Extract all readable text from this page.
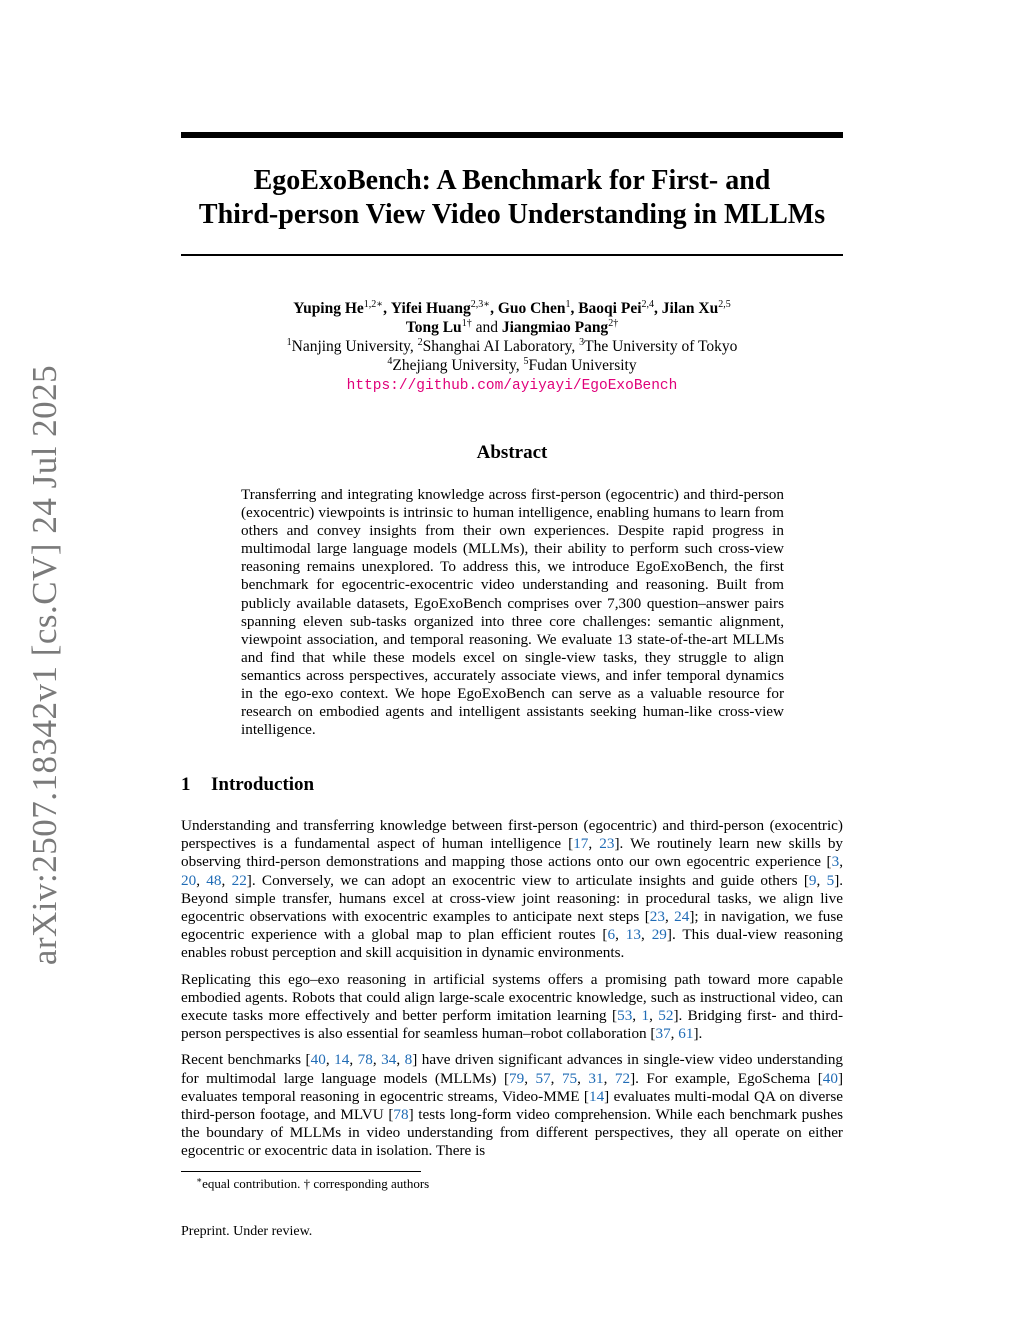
arXiv:2507.18342v1 [cs.CV] 24 Jul 2025
EgoExoBench: A Benchmark for First- and
Third-person View Video Understanding in MLLMs
Yuping $He^{1,2∗}$, Yifei Huang$^{2,3∗}$, Guo Chen$^1$, Baoqi Pei$^{2,4}$, Jilan Xu$^{2,5}$
Tong $Lu^{1\dagger}$ and Jiangmiao Pang$^{2\dagger}$
$^1$Nanjing University, $^2$Shanghai AI Laboratory, $^3$The University of Tokyo
$^4$Zhejiang University, $^5$Fudan University
https://github.com/ayiyayi/EgoExoBench
Abstract
Transferring and integrating knowledge across first-person (egocentric) and third-person (exocentric) viewpoints is intrinsic to human intelligence, enabling humans to learn from others and convey insights from their own experiences. Despite rapid progress in multimodal large language models (MLLMs), their ability to perform such cross-view reasoning remains unexplored. To address this, we introduce EgoExoBench, the first benchmark for egocentric-exocentric video understanding and reasoning. Built from publicly available datasets, EgoExoBench comprises over 7,300 question–answer pairs spanning eleven sub-tasks organized into three core challenges: semantic alignment, viewpoint association, and temporal reasoning. We evaluate 13 state-of-the-art MLLMs and find that while these models excel on single-view tasks, they struggle to align semantics across perspectives, accurately associate views, and infer temporal dynamics in the ego-exo context. We hope EgoExoBench can serve as a valuable resource for research on embodied agents and intelligent assistants seeking human-like cross-view intelligence.
1 Introduction

Understanding and transferring knowledge between first-person (egocentric) and third-person (exocentric) perspectives is a fundamental aspect of human intelligence [17, 23]. We routinely learn new skills by observing third-person demonstrations and mapping those actions onto our own egocentric experience [3, 20, 48, 22]. Conversely, we can adopt an exocentric view to articulate insights and guide others [9, 5]. Beyond simple transfer, humans excel at cross-view joint reasoning: in procedural tasks, we align live egocentric observations with exocentric examples to anticipate next steps [23, 24]; in navigation, we fuse egocentric experience with a global map to plan efficient routes [6, 13, 29]. This dual-view reasoning enables robust perception and skill acquisition in dynamic environments.

Replicating this ego–exo reasoning in artificial systems offers a promising path toward more capable embodied agents. Robots that could align large-scale exocentric knowledge, such as instructional video, can execute tasks more effectively and better perform imitation learning [53, 1, 52]. Bridging first- and third-person perspectives is also essential for seamless human–robot collaboration [37, 61].

Recent benchmarks [40, 14, 78, 34, 8] have driven significant advances in single-view video understanding for multimodal large language models (MLLMs) [79, 57, 75, 31, 72]. For example, EgoSchema [40] evaluates temporal reasoning in egocentric streams, Video-MME [14] evaluates multi-modal QA on diverse third-person footage, and MLVU [78] tests long-form video comprehension. While each benchmark pushes the boundary of MLLMs in video understanding from different perspectives, they all operate on either egocentric or exocentric data in isolation. There is

∗equal contribution. † corresponding authors
Preprint. Under review.
